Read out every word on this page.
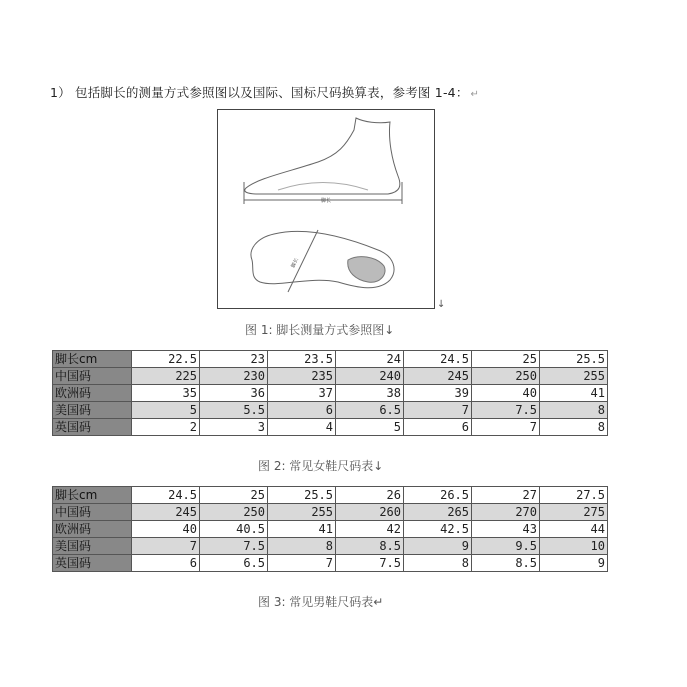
1） 包括脚长的测量方式参照图以及国际、国标尺码换算表，参考图 1-4： ↵
脚长
脚长
↓
图 1: 脚长测量方式参照图↓
脚长cm	22.5	23	23.5	24	24.5	25	25.5
中国码	225	230	235	240	245	250	255
欧洲码	35	36	37	38	39	40	41
美国码	5	5.5	6	6.5	7	7.5	8
英国码	2	3	4	5	6	7	8
图 2: 常见女鞋尺码表↓
脚长cm	24.5	25	25.5	26	26.5	27	27.5
中国码	245	250	255	260	265	270	275
欧洲码	40	40.5	41	42	42.5	43	44
美国码	7	7.5	8	8.5	9	9.5	10
英国码	6	6.5	7	7.5	8	8.5	9
图 3: 常见男鞋尺码表↵
